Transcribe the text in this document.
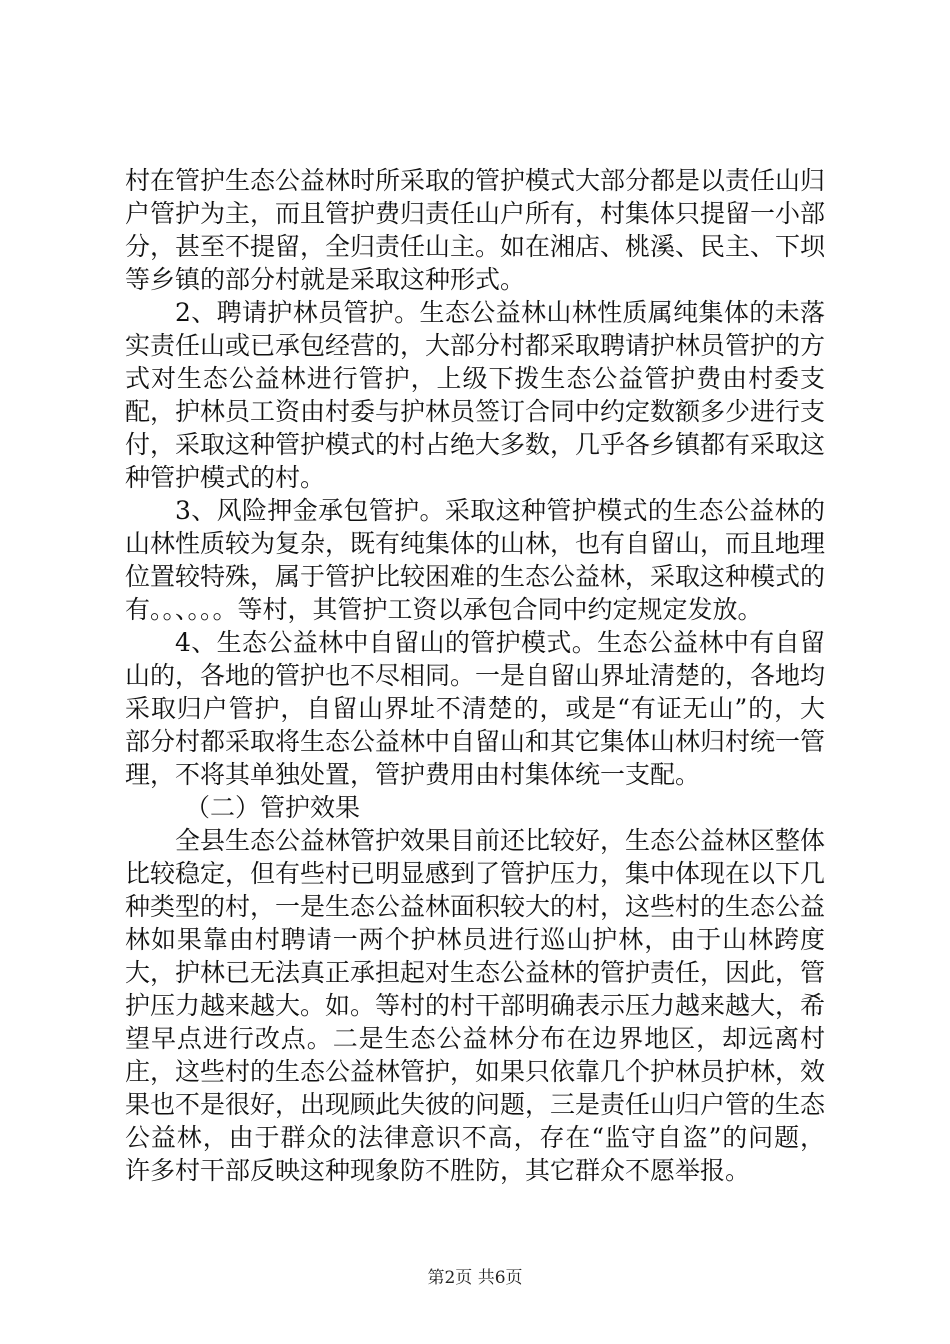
村在管护生态公益林时所采取的管护模式大部分都是以责任山归户管护为主，而且管护费归责任山户所有，村集体只提留一小部分，甚至不提留，全归责任山主。如在湘店、桃溪、民主、下坝等乡镇的部分村就是采取这种形式。

2、聘请护林员管护。生态公益林山林性质属纯集体的未落实责任山或已承包经营的，大部分村都采取聘请护林员管护的方式对生态公益林进行管护，上级下拨生态公益管护费由村委支配，护林员工资由村委与护林员签订合同中约定数额多少进行支付，采取这种管护模式的村占绝大多数，几乎各乡镇都有采取这种管护模式的村。

3、风险押金承包管护。采取这种管护模式的生态公益林的山林性质较为复杂，既有纯集体的山林，也有自留山，而且地理位置较特殊，属于管护比较困难的生态公益林，采取这种模式的有。。、。。。等村，其管护工资以承包合同中约定规定发放。

4、生态公益林中自留山的管护模式。生态公益林中有自留山的，各地的管护也不尽相同。一是自留山界址清楚的，各地均采取归户管护，自留山界址不清楚的，或是“有证无山”的，大部分村都采取将生态公益林中自留山和其它集体山林归村统一管理，不将其单独处置，管护费用由村集体统一支配。

（二）管护效果

全县生态公益林管护效果目前还比较好，生态公益林区整体比较稳定，但有些村已明显感到了管护压力，集中体现在以下几种类型的村，一是生态公益林面积较大的村，这些村的生态公益林如果靠由村聘请一两个护林员进行巡山护林，由于山林跨度大，护林已无法真正承担起对生态公益林的管护责任，因此，管护压力越来越大。如。等村的村干部明确表示压力越来越大，希望早点进行改点。二是生态公益林分布在边界地区，却远离村庄，这些村的生态公益林管护，如果只依靠几个护林员护林，效果也不是很好，出现顾此失彼的问题，三是责任山归户管的生态公益林，由于群众的法律意识不高，存在“监守自盗”的问题，许多村干部反映这种现象防不胜防，其它群众不愿举报。

第2页 共6页
